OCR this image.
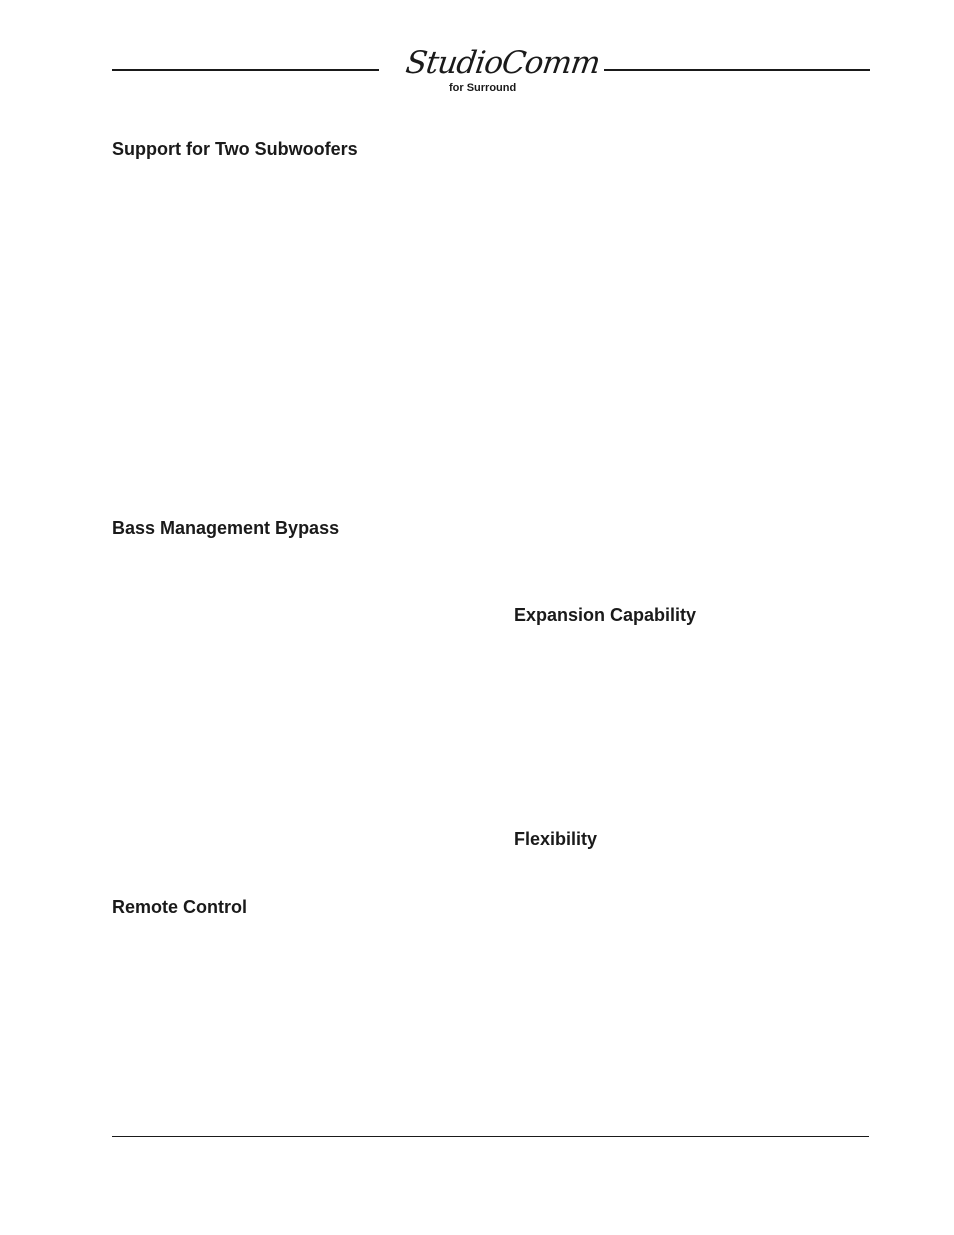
StudioComm
for Surround
Support for Two Subwoofers
Bass Management Bypass
Remote Control
Expansion Capability
Flexibility
